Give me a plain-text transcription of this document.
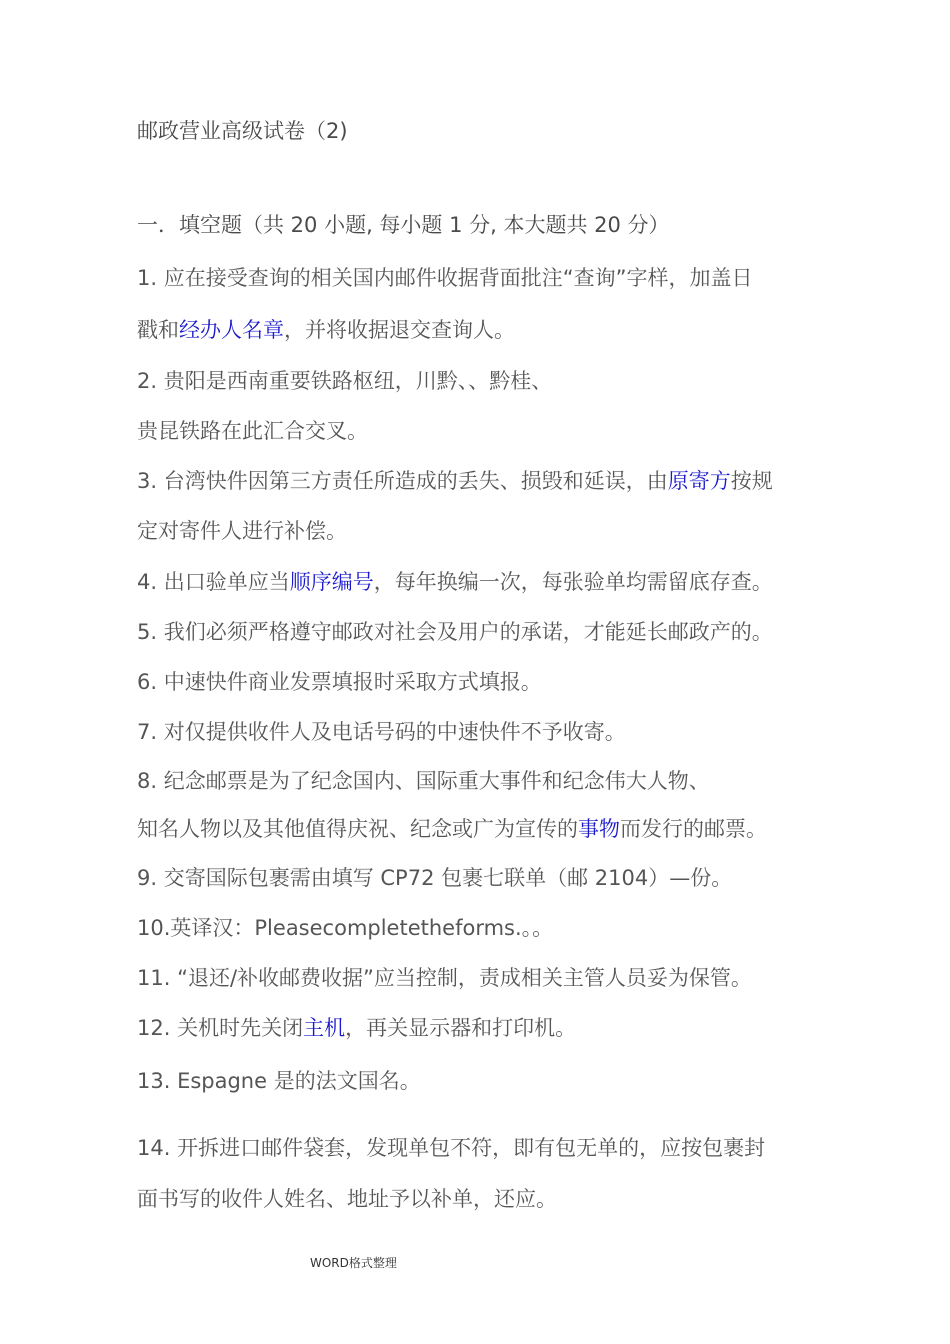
邮政营业高级试卷（2)
一．填空题（共 20 小题, 每小题 1 分, 本大题共 20 分）
1. 应在接受查询的相关国内邮件收据背面批注“查询”字样，加盖日
戳和经办人名章，并将收据退交查询人。
2. 贵阳是西南重要铁路枢纽，川黔、、黔桂、
贵昆铁路在此汇合交叉。
3. 台湾快件因第三方责任所造成的丢失、损毁和延误，由原寄方按规
定对寄件人进行补偿。
4. 出口验单应当顺序编号，每年换编一次，每张验单均需留底存查。
5. 我们必须严格遵守邮政对社会及用户的承诺，才能延长邮政产的。
6. 中速快件商业发票填报时采取方式填报。
7. 对仅提供收件人及电话号码的中速快件不予收寄。
8. 纪念邮票是为了纪念国内、国际重大事件和纪念伟大人物、
知名人物以及其他值得庆祝、纪念或广为宣传的事物而发行的邮票。
9. 交寄国际包裹需由填写 CP72 包裹七联单（邮 2104）—份。
10.英译汉：Pleasecompletetheforms.。。
11. “退还/补收邮费收据”应当控制，责成相关主管人员妥为保管。
12. 关机时先关闭主机，再关显示器和打印机。
13. Espagne 是的法文国名。
14. 开拆进口邮件袋套，发现单包不符，即有包无单的，应按包裹封
面书写的收件人姓名、地址予以补单，还应。
WORD格式整理
